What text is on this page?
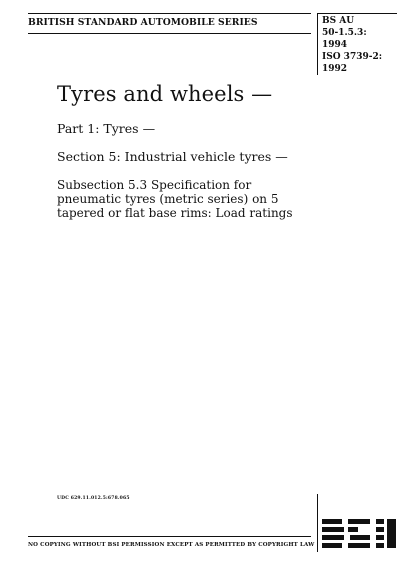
BRITISH STANDARD AUTOMOBILE SERIES	BS AU
50-1.5.3:
1994
ISO 3739-2:
1992
Tyres and wheels —
Part 1: Tyres —
Section 5: Industrial vehicle tyres —
Subsection 5.3 Specification for pneumatic tyres (metric series) on 5 tapered or flat base rims: Load ratings
UDC 629.11.012.5:678.065
NO COPYING WITHOUT BSI PERMISSION EXCEPT AS PERMITTED BY COPYRIGHT LAW
